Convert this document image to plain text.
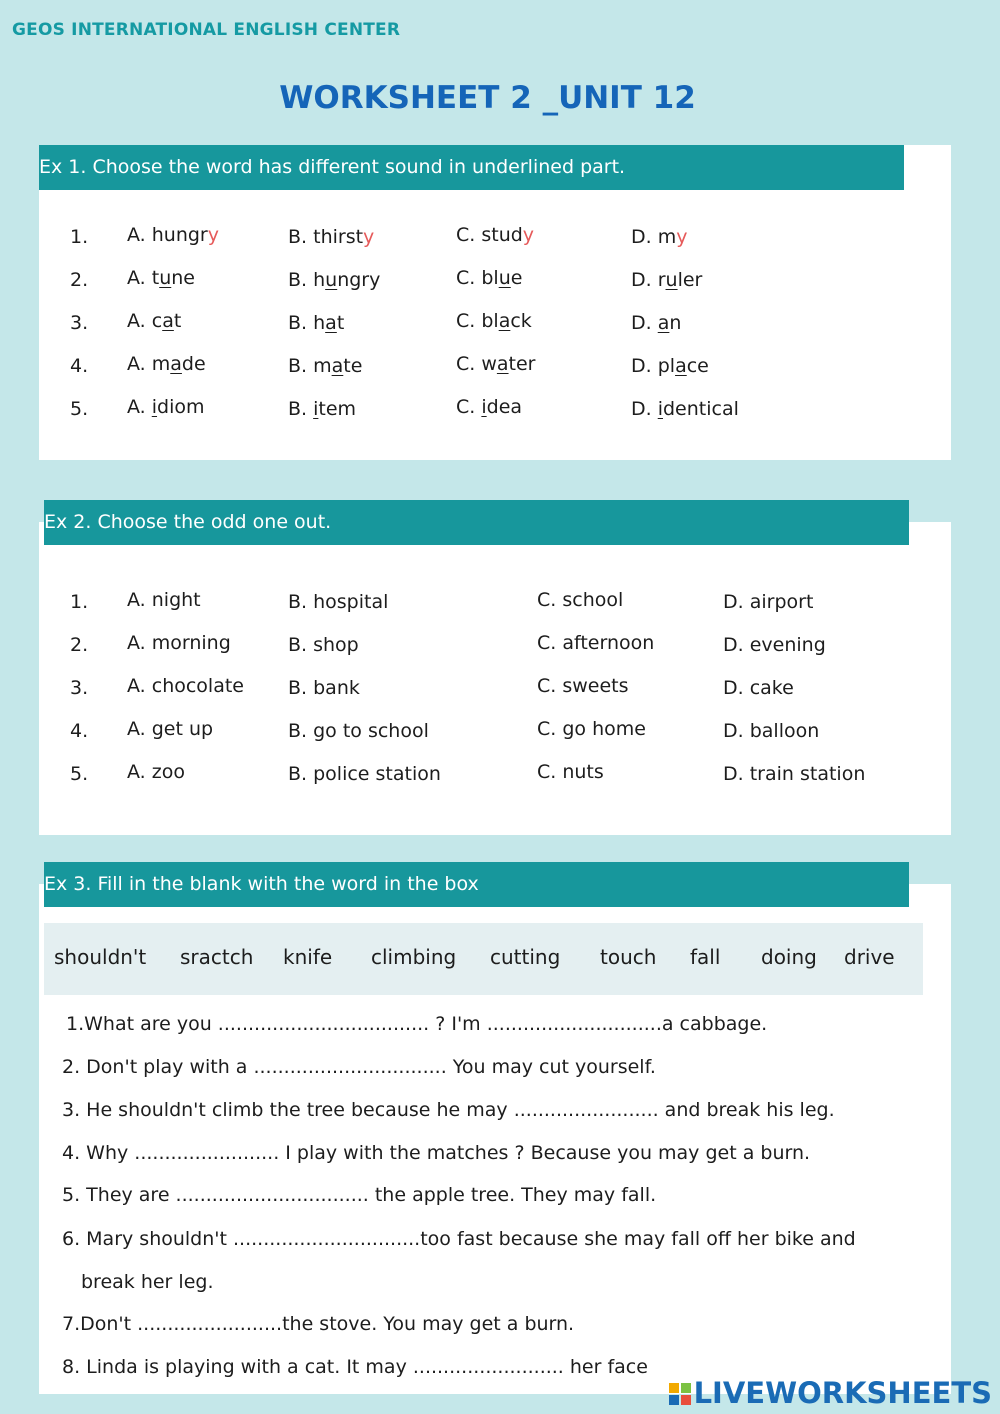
GEOS INTERNATIONAL ENGLISH CENTER
WORKSHEET 2 _UNIT 12
Ex 1. Choose the word has different sound in underlined part.
1. A. hungry	B. thirsty	C. study	D. my
2. A. tune	B. hungry	C. blue	D. ruler
3. A. cat	B. hat	C. black	D. an
4. A. made	B. mate	C. water	D. place
5. A. idiom	B. item	C. idea	D. identical
Ex 2. Choose the odd one out.
1. A. night	B. hospital	C. school	D. airport
2. A. morning	B. shop	C. afternoon	D. evening
3. A. chocolate B. bank	C. sweets	D. cake
4. A. get up	B. go to school	C. go home	D. balloon
5. A. zoo	B. police station	C. nuts	D. train station
Ex 3. Fill in the blank with the word in the box
shouldn't sractch knife climbing cutting touch fall doing drive
1.What are you ................................... ? I'm .............................a cabbage.
2. Don't play with a ................................ You may cut yourself.
3. He shouldn't climb the tree because he may ........................ and break his leg.
4. Why ........................ I play with the matches ? Because you may get a burn.
5. They are ................................ the apple tree. They may fall.
6. Mary shouldn't ...............................too fast because she may fall off her bike and
break her leg.
7.Don't ........................the stove. You may get a burn.
8. Linda is playing with a cat. It may ......................... her face
LIVEWORKSHEETS
